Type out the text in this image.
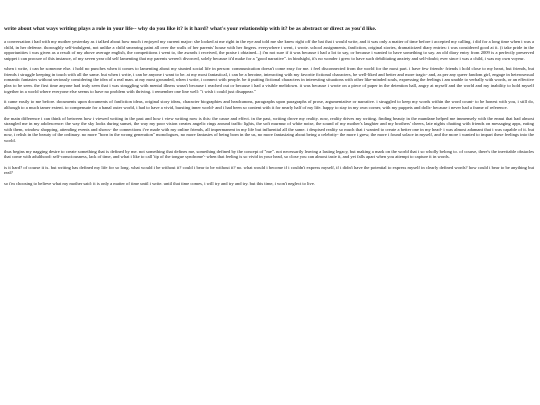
write about what ways writing plays a role in your life-- why do you like it? is it hard? what's your relationship with it? be as abstract or direct as you'd like.
a conversation i had with my mother yesterday as i talked about how much i enjoyed my current major: she looked at me right in the eye and told me she knew right off the bat that i would write, and it was only a matter of time before i accepted my calling. i did for a long time when i was a child, in her defense. thoroughly self-indulgent, not unlike a child smearing paint all over the walls of her parents' house with her fingers. everywhere i went, i wrote. school assignments, fanfiction, original stories, dramaticized diary entries: i was considered good at it. (i take pride in the opportunities i was given as a result of my above average english, the competitions i went to, the awards i received, the praise i obtained...) i'm not sure if it was because i had a lot to say, or because i wanted to have something to say. an old diary entry from 2009 is a perfectly preserved snippet i can procure of this instance, of my seven year old self lamenting that my parents weren't divorced, solely because it'd make for a "good narrative". in hindsight, it's no wonder i grew to have such debilitating anxiety and self-doubt; ever since i was a child, i was my own voyeur.
when i write, i can be someone else. i hold no punches when it comes to lamenting about my stunted social life in person: communication doesn't come easy for me. i feel disconnected from the world for the most part. i have few friends- friends i hold close to my heart, but friends, but friends i struggle keeping in touch with all the same. but when i write, i can be anyone i want to be. at my most fantastical, i can be a heroine, interacting with my favorite fictional characters, be well-liked and better and more tragic- and, as per any queer fandom girl, engage in heterosexual romantic fantasies without seriously considering the idea of a real man. at my most grounded, when i write, i connect with people. be it putting fictional characters in interesting situations with other like-minded souls, expressing the feelings i am unable to verbally with words, or an effective plea to be seen. the first time anyone had truly seen that i was struggling with mental illness wasn't because i reached out or because i had a visible meltdown. it was because i wrote on a piece of paper in the detention hall, angry at myself and the world and my inability to hold myself together in a world where everyone else seems to have no problem with thriving. i remember one line well: "i wish i could just disappear."
it came easily to me before. documents upon documents of fanfiction ideas, original story ideas, character biographies and headcanons, paragraphs upon paragraphs of prose, argumentative or narrative. i struggled to keep my words within the word count- to be honest with you, i still do, although to a much tamer extent. to compensate for a banal outer world, i had to have a vivid, bursting inner world- and i had been so content with it for nearly half of my life. happy to stay in my own corner, with my puppets and dolls- because i never had a frame of reference.
the main difference i can think of between how i viewed writing in the past and how i view writing now is this: the cause and effect. in the past, writing drove my reality. now, reality drives my writing. finding beauty in the mundane helped me immensely with the ennui that had almost strangled me in my adolescence: the way the sky looks during sunset, the way my poor vision creates angelic rings around traffic lights, the soft murmur of white noise, the sound of my mother's laughter and my brothers' cheers, late nights chatting with friends on messaging apps, eating with them, window shopping, attending events and shows- the connections i've made with my online friends, all impermanent in my life but influential all the same. i despised reality so much that i wanted to create a better one in my head- i was almost adamant that i was capable of it. but now, i relish in the beauty of the ordinary. no more "born in the wrong generation" monologues, no more fantasies of being born in the us, no more fantasizing about being a celebrity- the more i grew, the more i found solace in myself, and the more i wanted to impart these feelings into the world.
thus begins my nagging desire to create something that is defined by me. not something that defines me, something defined by the concept of "me". not necessarily leaving a lasting legacy, but making a mark on the world that i so wholly belong to. of course, there's the inevitable obstacles that come with adulthood: self-consciousness, lack of time, and what i like to call 'tip of the tongue syndrome'- when that feeling is so vivid in your head, so close you can almost taste it, and yet falls apart when you attempt to capture it in words.
is it hard? of course it is. but writing has defined my life for so long. what would i be without it? could i bear to be without it? no. what would i become if i couldn't express myself, if i didn't have the potential to express myself in clearly defined words? how could i bear to be anything but real?
so i'm choosing to believe what my mother said: it is only a matter of time until i write. until that time comes, i will try and try and try. but this time, i won't neglect to live.
